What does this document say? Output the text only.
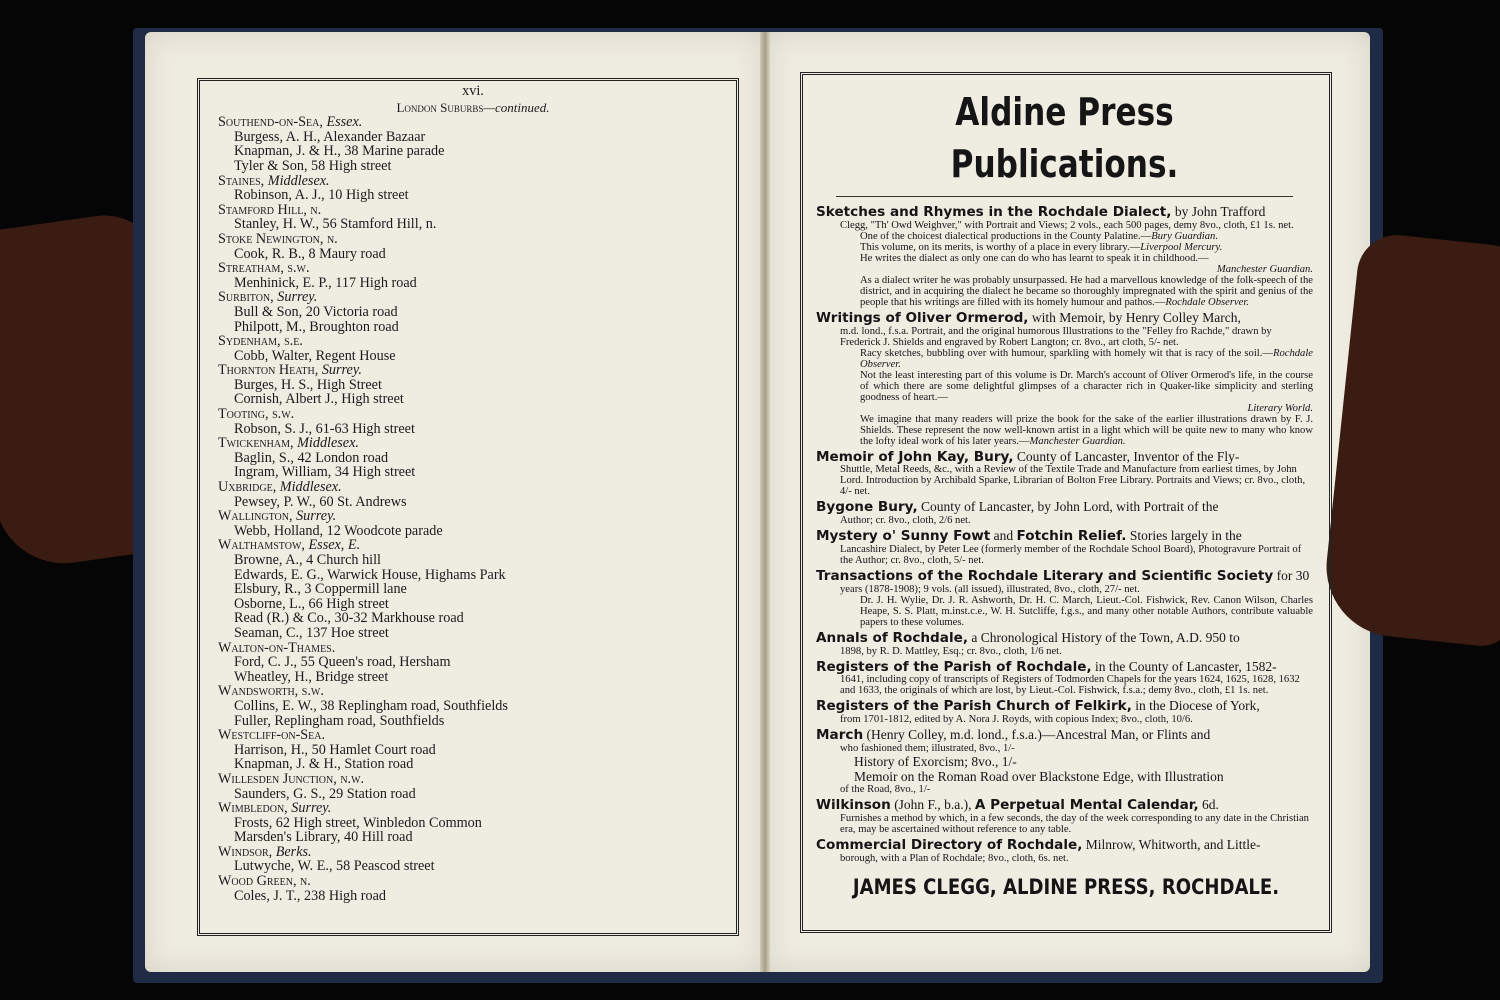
xvi.
London Suburbs—continued.
Southend-on-Sea, Essex.
Burgess, A. H., Alexander Bazaar
Knapman, J. & H., 38 Marine parade
Tyler & Son, 58 High street
Staines, Middlesex.
Robinson, A. J., 10 High street
Stamford Hill, n.
Stanley, H. W., 56 Stamford Hill, n.
Stoke Newington, n.
Cook, R. B., 8 Maury road
Streatham, s.w.
Menhinick, E. P., 117 High road
Surbiton, Surrey.
Bull & Son, 20 Victoria road
Philpott, M., Broughton road
Sydenham, s.e.
Cobb, Walter, Regent House
Thornton Heath, Surrey.
Burges, H. S., High Street
Cornish, Albert J., High street
Tooting, s.w.
Robson, S. J., 61-63 High street
Twickenham, Middlesex.
Baglin, S., 42 London road
Ingram, William, 34 High street
Uxbridge, Middlesex.
Pewsey, P. W., 60 St. Andrews
Wallington, Surrey.
Webb, Holland, 12 Woodcote parade
Walthamstow, Essex, E.
Browne, A., 4 Church hill
Edwards, E. G., Warwick House, Highams Park
Elsbury, R., 3 Coppermill lane
Osborne, L., 66 High street
Read (R.) & Co., 30-32 Markhouse road
Seaman, C., 137 Hoe street
Walton-on-Thames.
Ford, C. J., 55 Queen's road, Hersham
Wheatley, H., Bridge street
Wandsworth, s.w.
Collins, E. W., 38 Replingham road, Southfields
Fuller, Replingham road, Southfields
Westcliff-on-Sea.
Harrison, H., 50 Hamlet Court road
Knapman, J. & H., Station road
Willesden Junction, n.w.
Saunders, G. S., 29 Station road
Wimbledon, Surrey.
Frosts, 62 High street, Winbledon Common
Marsden's Library, 40 Hill road
Windsor, Berks.
Lutwyche, W. E., 58 Peascod street
Wood Green, n.
Coles, J. T., 238 High road
Aldine Press Publications.
Sketches and Rhymes in the Rochdale Dialect, by John Trafford
Clegg, "Th' Owd Weighver," with Portrait and Views; 2 vols., each 500 pages, demy 8vo., cloth, £1 1s. net.
One of the choicest dialectical productions in the County Palatine.—Bury Guardian.
This volume, on its merits, is worthy of a place in every library.—Liverpool Mercury.
He writes the dialect as only one can do who has learnt to speak it in childhood.—
Manchester Guardian.
As a dialect writer he was probably unsurpassed. He had a marvellous knowledge of the folk-speech of the district, and in acquiring the dialect he became so thoroughly impregnated with the spirit and genius of the people that his writings are filled with its homely humour and pathos.—Rochdale Observer.
Writings of Oliver Ormerod, with Memoir, by Henry Colley March,
m.d. lond., f.s.a. Portrait, and the original humorous Illustrations to the "Felley fro Rachde," drawn by Frederick J. Shields and engraved by Robert Langton; cr. 8vo., art cloth, 5/- net.
Racy sketches, bubbling over with humour, sparkling with homely wit that is racy of the soil.—Rochdale Observer.
Not the least interesting part of this volume is Dr. March's account of Oliver Ormerod's life, in the course of which there are some delightful glimpses of a character rich in Quaker-like simplicity and sterling goodness of heart.—
Literary World.
We imagine that many readers will prize the book for the sake of the earlier illustrations drawn by F. J. Shields. These represent the now well-known artist in a light which will be quite new to many who know the lofty ideal work of his later years.—Manchester Guardian.
Memoir of John Kay, Bury, County of Lancaster, Inventor of the Fly-
Shuttle, Metal Reeds, &c., with a Review of the Textile Trade and Manufacture from earliest times, by John Lord. Introduction by Archibald Sparke, Librarian of Bolton Free Library. Portraits and Views; cr. 8vo., cloth, 4/- net.
Bygone Bury, County of Lancaster, by John Lord, with Portrait of the
Author; cr. 8vo., cloth, 2/6 net.
Mystery o' Sunny Fowt and Fotchin Relief. Stories largely in the
Lancashire Dialect, by Peter Lee (formerly member of the Rochdale School Board), Photogravure Portrait of the Author; cr. 8vo., cloth, 5/- net.
Transactions of the Rochdale Literary and Scientific Society for 30
years (1878-1908); 9 vols. (all issued), illustrated, 8vo., cloth, 27/- net.
Dr. J. H. Wylie, Dr. J. R. Ashworth, Dr. H. C. March, Lieut.-Col. Fishwick, Rev. Canon Wilson, Charles Heape, S. S. Platt, m.inst.c.e., W. H. Sutcliffe, f.g.s., and many other notable Authors, contribute valuable papers to these volumes.
Annals of Rochdale, a Chronological History of the Town, A.D. 950 to
1898, by R. D. Mattley, Esq.; cr. 8vo., cloth, 1/6 net.
Registers of the Parish of Rochdale, in the County of Lancaster, 1582-
1641, including copy of transcripts of Registers of Todmorden Chapels for the years 1624, 1625, 1628, 1632 and 1633, the originals of which are lost, by Lieut.-Col. Fishwick, f.s.a.; demy 8vo., cloth, £1 1s. net.
Registers of the Parish Church of Felkirk, in the Diocese of York,
from 1701-1812, edited by A. Nora J. Royds, with copious Index; 8vo., cloth, 10/6.
March (Henry Colley, m.d. lond., f.s.a.)—Ancestral Man, or Flints and
who fashioned them; illustrated, 8vo., 1/-
History of Exorcism; 8vo., 1/-
Memoir on the Roman Road over Blackstone Edge, with Illustration
of the Road, 8vo., 1/-
Wilkinson (John F., b.a.), A Perpetual Mental Calendar, 6d.
Furnishes a method by which, in a few seconds, the day of the week corresponding to any date in the Christian era, may be ascertained without reference to any table.
Commercial Directory of Rochdale, Milnrow, Whitworth, and Little-
borough, with a Plan of Rochdale; 8vo., cloth, 6s. net.
JAMES CLEGG, ALDINE PRESS, ROCHDALE.
